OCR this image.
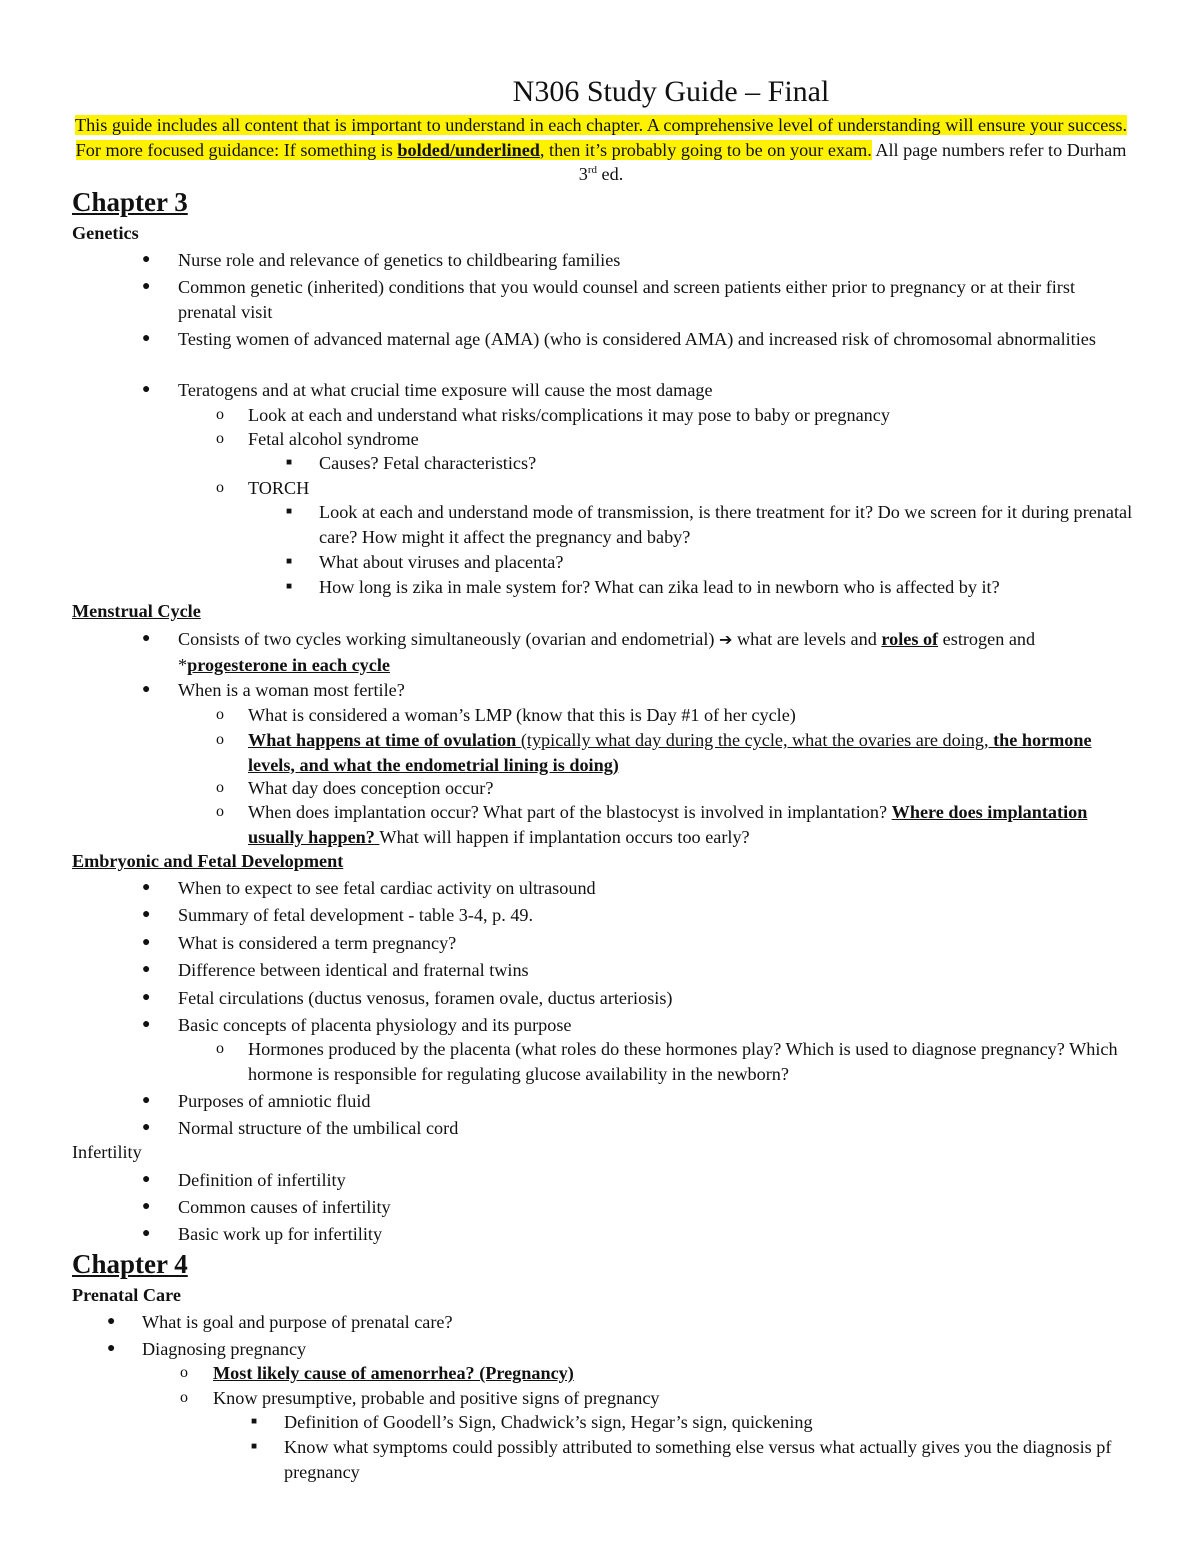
N306 Study Guide – Final
This guide includes all content that is important to understand in each chapter. A comprehensive level of understanding will ensure your success. For more focused guidance: If something is bolded/underlined, then it’s probably going to be on your exam. All page numbers refer to Durham 3rd ed.
Chapter 3
Genetics
● Nurse role and relevance of genetics to childbearing families
● Common genetic (inherited) conditions that you would counsel and screen patients either prior to pregnancy or at their first prenatal visit
● Testing women of advanced maternal age (AMA) (who is considered AMA) and increased risk of chromosomal abnormalities
● Teratogens and at what crucial time exposure will cause the most damage
o Look at each and understand what risks/complications it may pose to baby or pregnancy
o Fetal alcohol syndrome
■ Causes? Fetal characteristics?
o TORCH
■ Look at each and understand mode of transmission, is there treatment for it? Do we screen for it during prenatal care? How might it affect the pregnancy and baby?
■ What about viruses and placenta?
■ How long is zika in male system for? What can zika lead to in newborn who is affected by it?
Menstrual Cycle
● Consists of two cycles working simultaneously (ovarian and endometrial) ➔ what are levels and roles of estrogen and *progesterone in each cycle
● When is a woman most fertile?
o What is considered a woman’s LMP (know that this is Day #1 of her cycle)
o What happens at time of ovulation (typically what day during the cycle, what the ovaries are doing, the hormone levels, and what the endometrial lining is doing)
o What day does conception occur?
o When does implantation occur? What part of the blastocyst is involved in implantation? Where does implantation usually happen? What will happen if implantation occurs too early?
Embryonic and Fetal Development
● When to expect to see fetal cardiac activity on ultrasound
● Summary of fetal development - table 3-4, p. 49.
● What is considered a term pregnancy?
● Difference between identical and fraternal twins
● Fetal circulations (ductus venosus, foramen ovale, ductus arteriosis)
● Basic concepts of placenta physiology and its purpose
o Hormones produced by the placenta (what roles do these hormones play? Which is used to diagnose pregnancy? Which hormone is responsible for regulating glucose availability in the newborn?
● Purposes of amniotic fluid
● Normal structure of the umbilical cord
Infertility
● Definition of infertility
● Common causes of infertility
● Basic work up for infertility
Chapter 4
Prenatal Care
● What is goal and purpose of prenatal care?
● Diagnosing pregnancy
o Most likely cause of amenorrhea? (Pregnancy)
o Know presumptive, probable and positive signs of pregnancy
■ Definition of Goodell’s Sign, Chadwick’s sign, Hegar’s sign, quickening
■ Know what symptoms could possibly attributed to something else versus what actually gives you the diagnosis pf pregnancy
